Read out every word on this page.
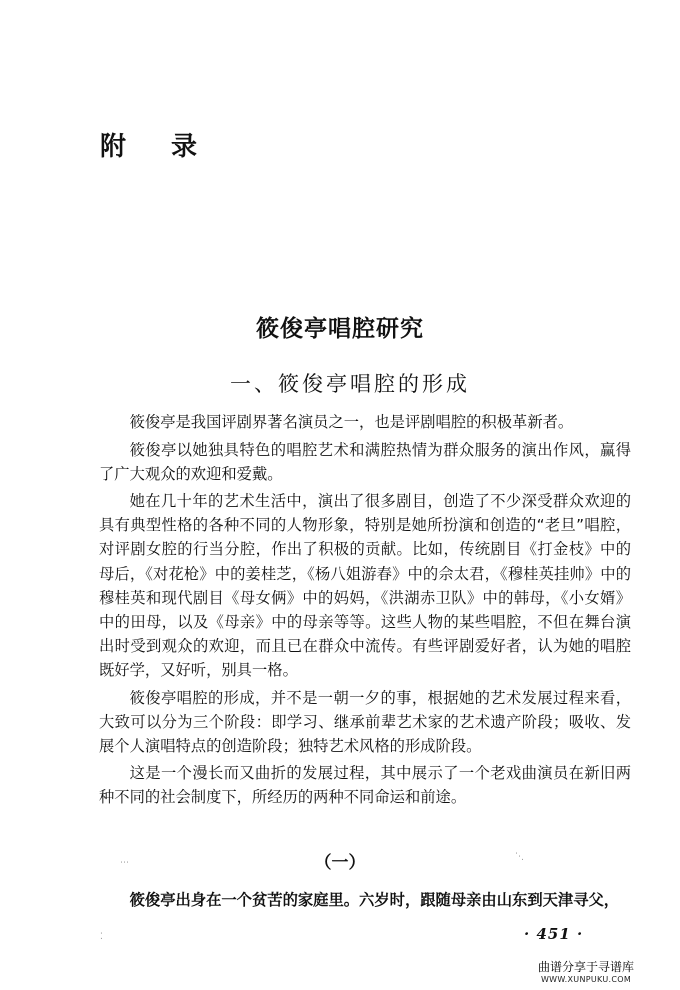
附 录
筱俊亭唱腔研究
一、筱俊亭唱腔的形成

筱俊亭是我国评剧界著名演员之一，也是评剧唱腔的积极革新者。

筱俊亭以她独具特色的唱腔艺术和满腔热情为群众服务的演出作风，赢得了广大观众的欢迎和爱戴。

她在几十年的艺术生活中，演出了很多剧目，创造了不少深受群众欢迎的具有典型性格的各种不同的人物形象，特别是她所扮演和创造的“老旦”唱腔，对评剧女腔的行当分腔，作出了积极的贡献。比如，传统剧目《打金枝》中的母后，《对花枪》中的姜桂芝，《杨八姐游春》中的佘太君，《穆桂英挂帅》中的穆桂英和现代剧目《母女俩》中的妈妈，《洪湖赤卫队》中的韩母，《小女婿》中的田母，以及《母亲》中的母亲等等。这些人物的某些唱腔，不但在舞台演出时受到观众的欢迎，而且已在群众中流传。有些评剧爱好者，认为她的唱腔既好学，又好听，别具一格。

筱俊亭唱腔的形成，并不是一朝一夕的事，根据她的艺术发展过程来看，大致可以分为三个阶段：即学习、继承前辈艺术家的艺术遗产阶段；吸收、发展个人演唱特点的创造阶段；独特艺术风格的形成阶段。

这是一个漫长而又曲折的发展过程，其中展示了一个老戏曲演员在新旧两种不同的社会制度下，所经历的两种不同命运和前途。

⋯
⋱
⁚
（一）
筱俊亭出身在一个贫苦的家庭里。六岁时，跟随母亲由山东到天津寻父，
· 451 ·
曲谱分享于寻谱库
WWW.XUNPUKU.COM
